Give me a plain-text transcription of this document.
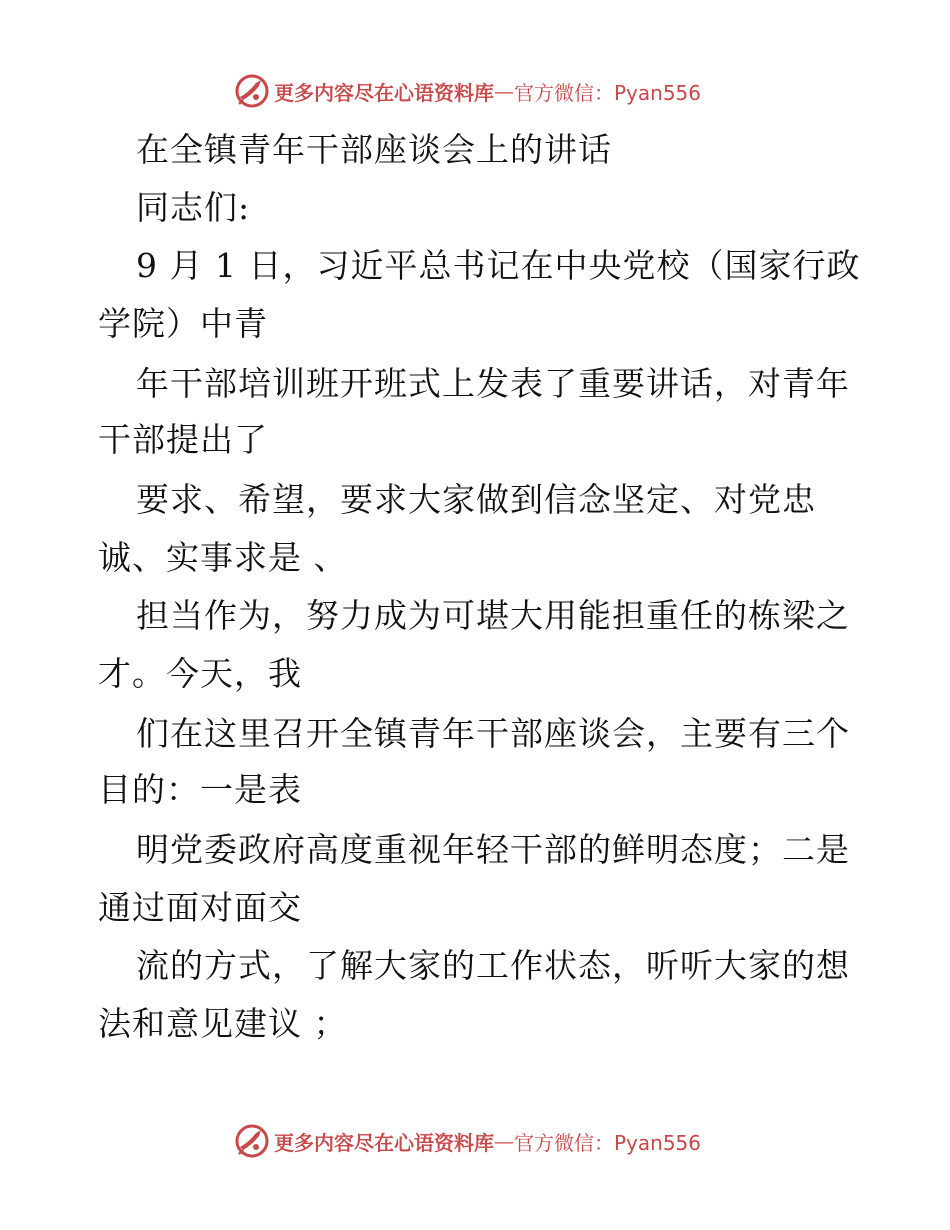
更多内容尽在心语资料库 — 官方微信：Pyan556
在全镇青年干部座谈会上的讲话
同志们:
9 月 1 日，习近平总书记在中央党校（国家行政
学院）中青
年干部培训班开班式上发表了重要讲话，对青年
干部提出了
要求、希望，要求大家做到信念坚定、对党忠
诚、实事求是 、
担当作为，努力成为可堪大用能担重任的栋梁之
才。今天，我
们在这里召开全镇青年干部座谈会，主要有三个
目的：一是表
明党委政府高度重视年轻干部的鲜明态度；二是
通过面对面交
流的方式，了解大家的工作状态，听听大家的想
法和意见建议 ；
更多内容尽在心语资料库 — 官方微信：Pyan556
